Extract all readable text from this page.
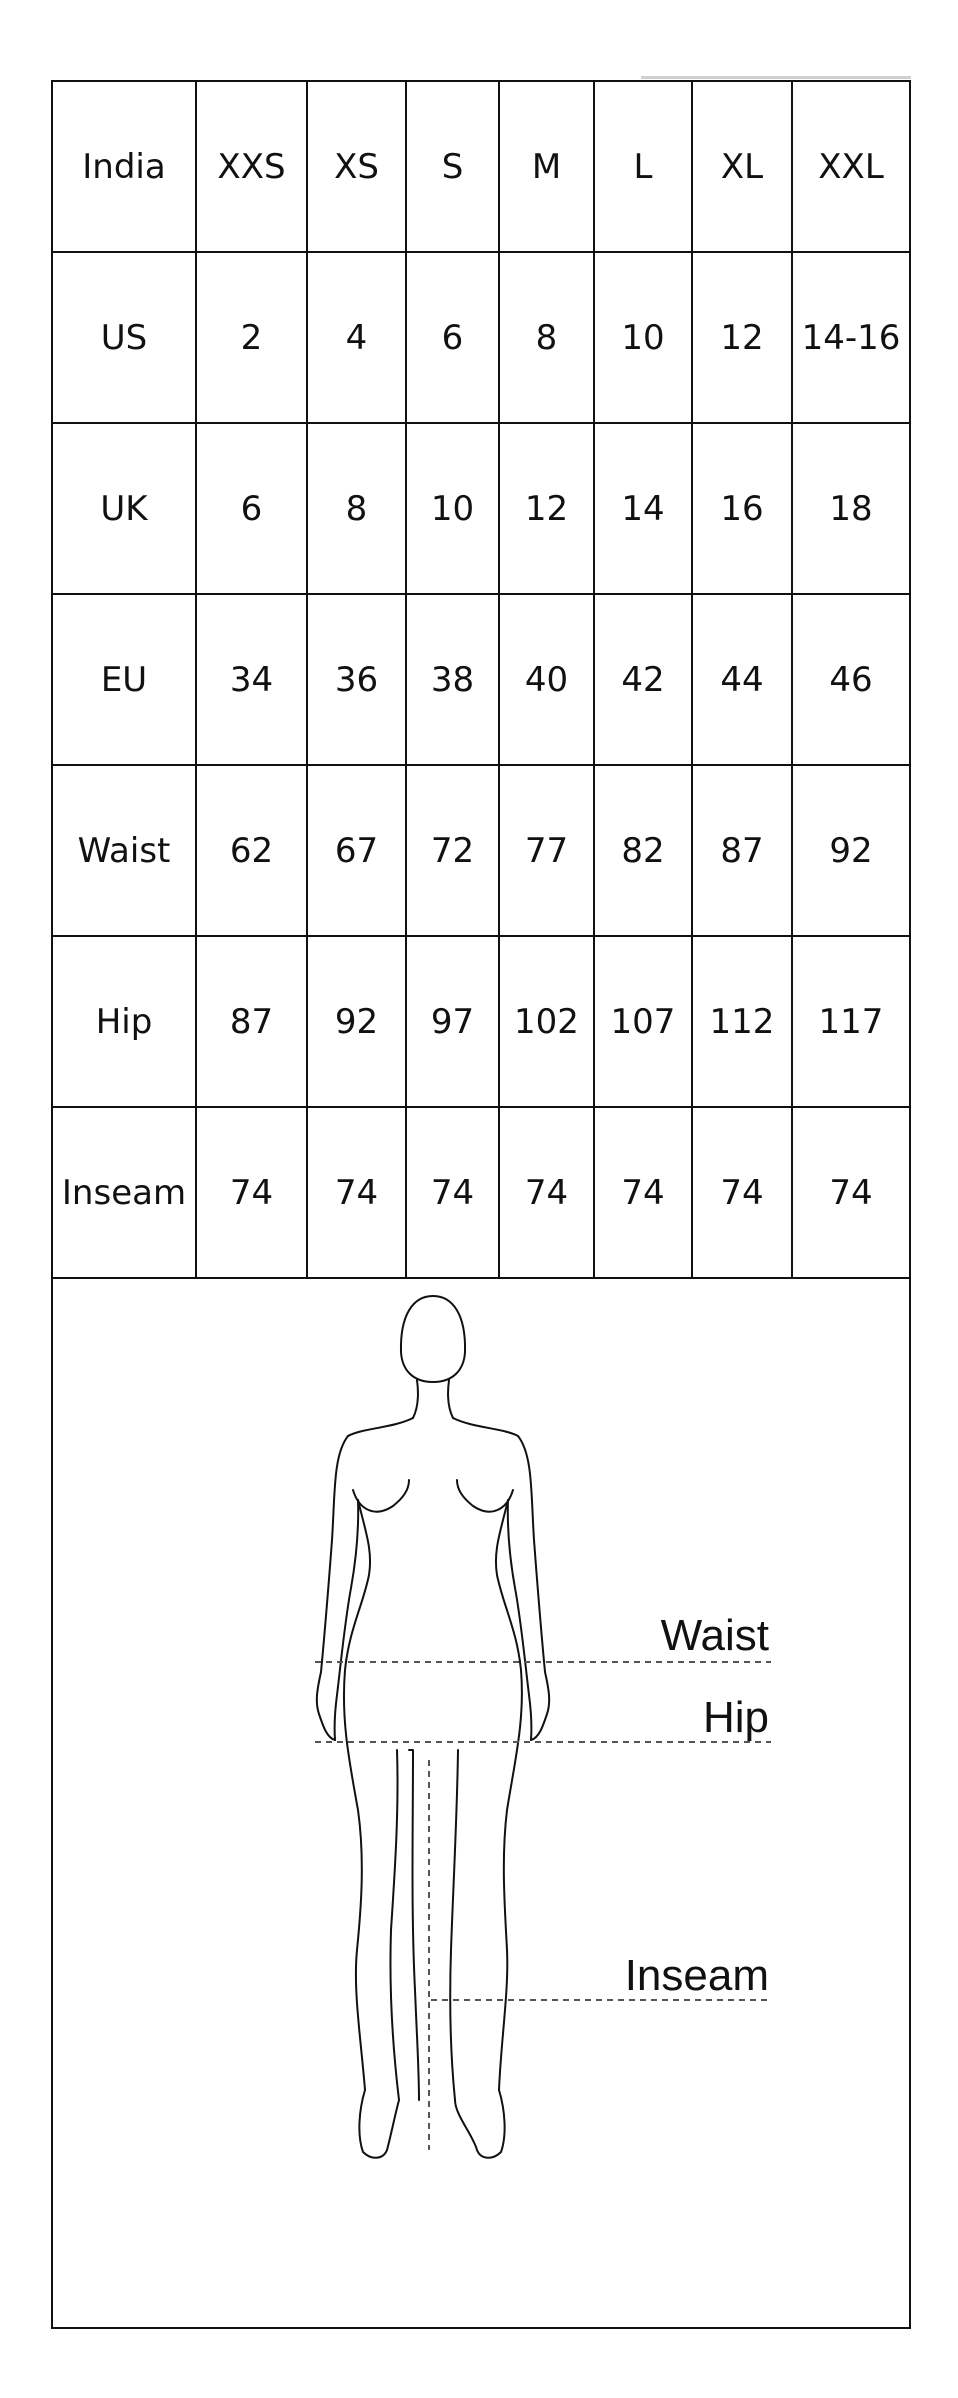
India	XXS	XS	S	M	L	XL	XXL
US	2	4	6	8	10	12	14-16
UK	6	8	10	12	14	16	18
EU	34	36	38	40	42	44	46
Waist	62	67	72	77	82	87	92
Hip	87	92	97	102	107	112	117
Inseam	74	74	74	74	74	74	74
Waist
Hip
Inseam
